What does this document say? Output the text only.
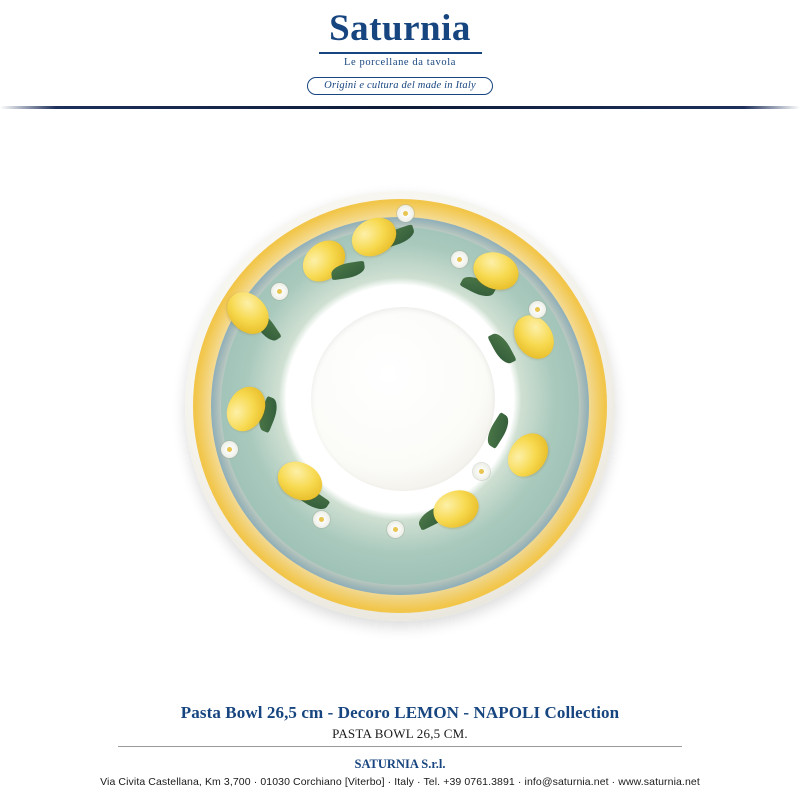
Saturnia
Le porcellane da tavola
Origini e cultura del made in Italy
Pasta Bowl 26,5 cm - Decoro LEMON - NAPOLI Collection
PASTA BOWL 26,5 CM.
SATURNIA S.r.l.
Via Civita Castellana, Km 3,700 · 01030 Corchiano [Viterbo] · Italy · Tel. +39 0761.3891 · info@saturnia.net · www.saturnia.net
